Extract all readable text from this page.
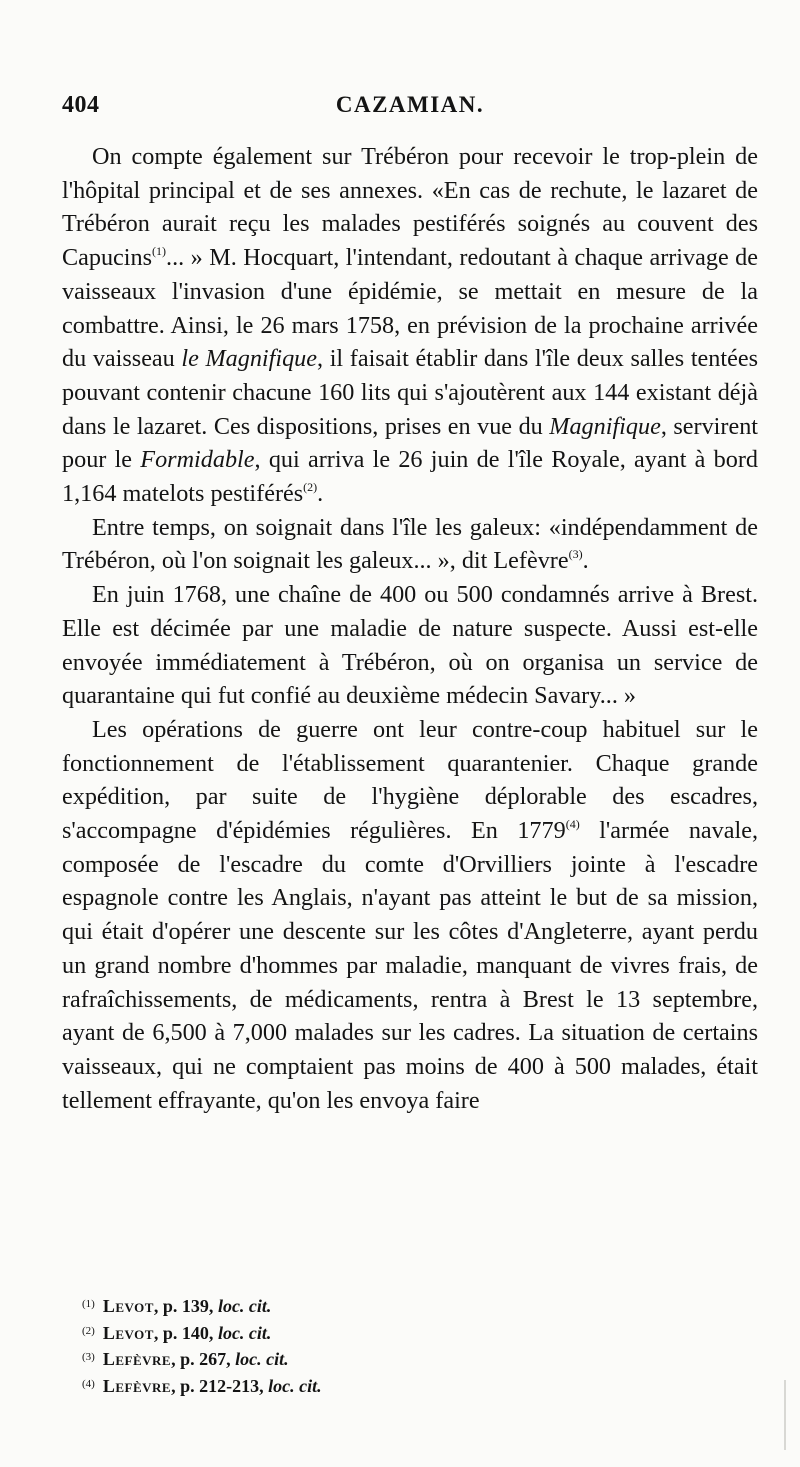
404	CAZAMIAN.

On compte également sur Trébéron pour recevoir le trop-plein de l'hôpital principal et de ses annexes. «En cas de rechute, le lazaret de Trébéron aurait reçu les malades pestiférés soignés au couvent des Capucins$^{(1)}$... » M. Hocquart, l'intendant, redoutant à chaque arrivage de vaisseaux l'invasion d'une épidémie, se mettait en mesure de la combattre. Ainsi, le 26 mars 1758, en prévision de la prochaine arrivée du vaisseau le Magnifique, il faisait établir dans l'île deux salles tentées pouvant contenir chacune 160 lits qui s'ajoutèrent aux 144 existant déjà dans le lazaret. Ces dispositions, prises en vue du Magnifique, servirent pour le Formidable, qui arriva le 26 juin de l'île Royale, ayant à bord 1,164 matelots pestiférés$^{(2)}$.

Entre temps, on soignait dans l'île les galeux: «indépendamment de Trébéron, où l'on soignait les galeux... », dit Lefèvre$^{(3)}$.

En juin 1768, une chaîne de 400 ou 500 condamnés arrive à Brest. Elle est décimée par une maladie de nature suspecte. Aussi est-elle envoyée immédiatement à Trébéron, où on organisa un service de quarantaine qui fut confié au deuxième médecin Savary... »

Les opérations de guerre ont leur contre-coup habituel sur le fonctionnement de l'établissement quarantenier. Chaque grande expédition, par suite de l'hygiène déplorable des escadres, s'accompagne d'épidémies régulières. En 1779$^{(4)}$ l'armée navale, composée de l'escadre du comte d'Orvilliers jointe à l'escadre espagnole contre les Anglais, n'ayant pas atteint le but de sa mission, qui était d'opérer une descente sur les côtes d'Angleterre, ayant perdu un grand nombre d'hommes par maladie, manquant de vivres frais, de rafraîchissements, de médicaments, rentra à Brest le 13 septembre, ayant de 6,500 à 7,000 malades sur les cadres. La situation de certains vaisseaux, qui ne comptaient pas moins de 400 à 500 malades, était tellement effrayante, qu'on les envoya faire

$^{(1)}$ Levot, p. 139, loc. cit.
$^{(2)}$ Levot, p. 140, loc. cit.
$^{(3)}$ Lefèvre, p. 267, loc. cit.
$^{(4)}$ Lefèvre, p. 212-213, loc. cit.
